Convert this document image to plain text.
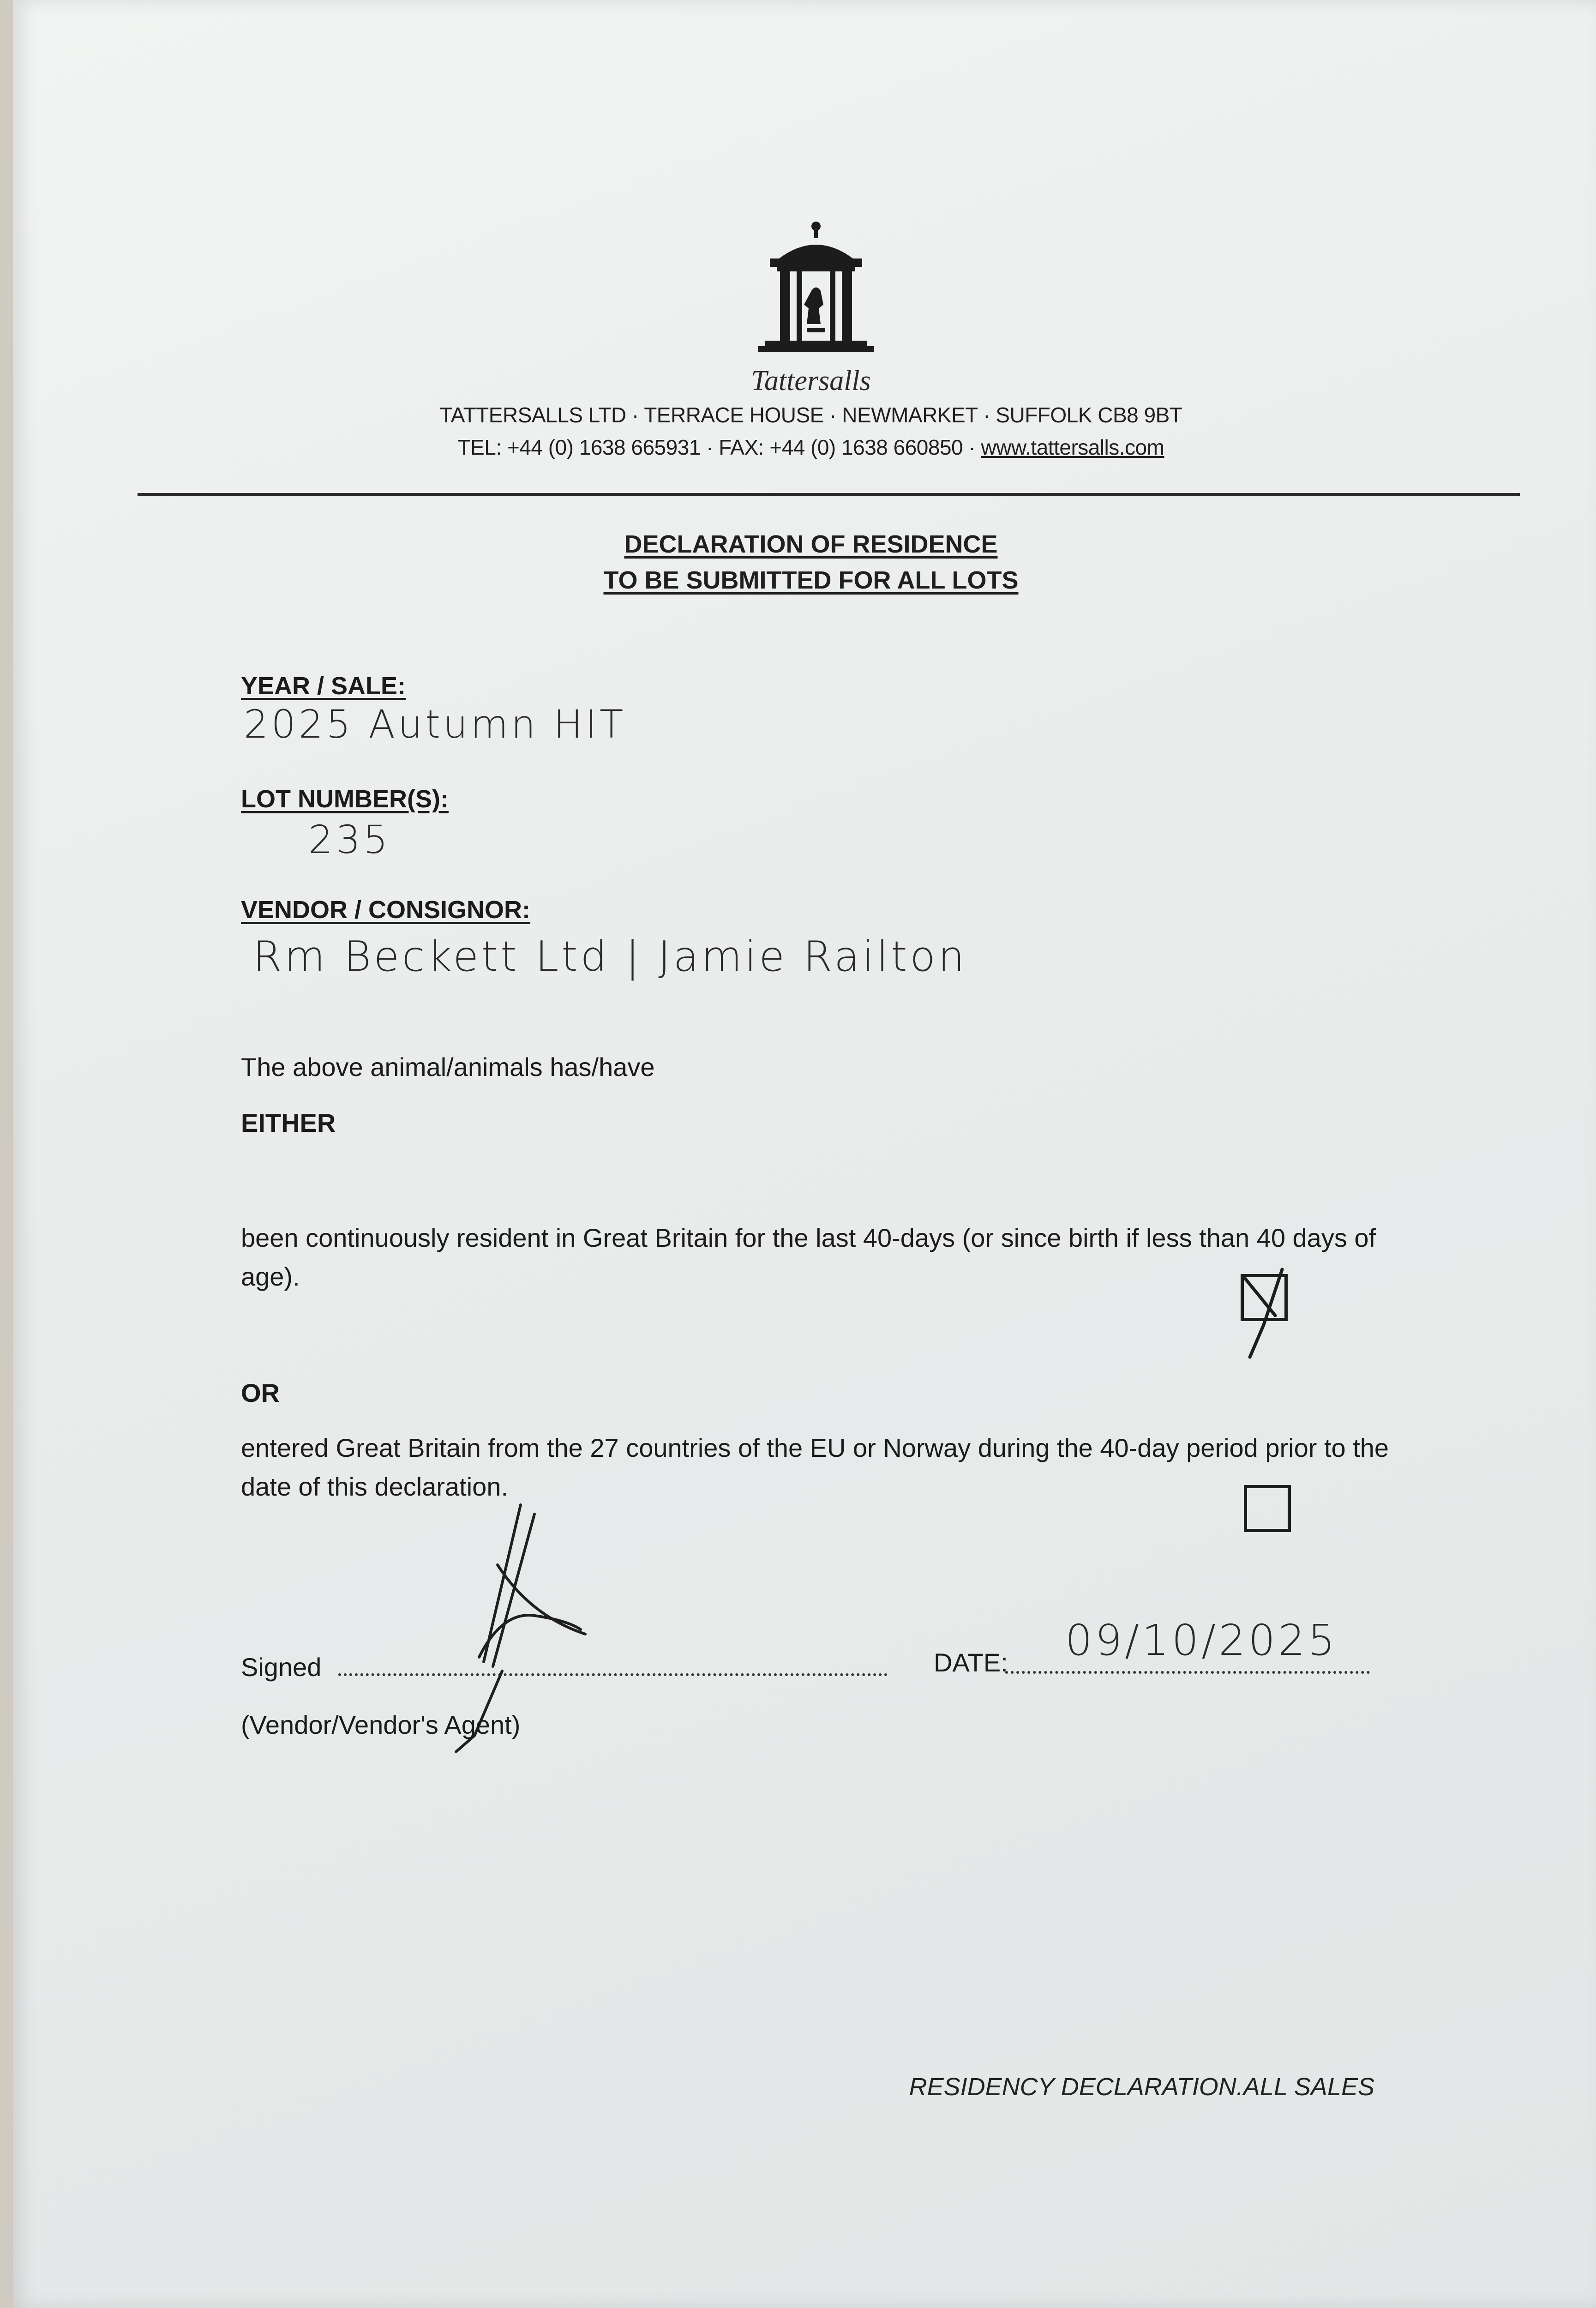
Tattersalls
TATTERSALLS LTD · TERRACE HOUSE · NEWMARKET · SUFFOLK CB8 9BT
TEL: +44 (0) 1638 665931 · FAX: +44 (0) 1638 660850 · www.tattersalls.com
DECLARATION OF RESIDENCE
TO BE SUBMITTED FOR ALL LOTS
YEAR / SALE:
2025 Autumn HIT
LOT NUMBER(S):
235
VENDOR / CONSIGNOR:
Rm Beckett Ltd | Jamie Railton
The above animal/animals has/have
EITHER
been continuously resident in Great Britain for the last 40-days (or since birth if less than 40 days of age).
OR
entered Great Britain from the 27 countries of the EU or Norway during the 40-day period prior to the date of this declaration.
Signed
(Vendor/Vendor's Agent)
DATE: 09/10/2025
RESIDENCY DECLARATION.ALL SALES
